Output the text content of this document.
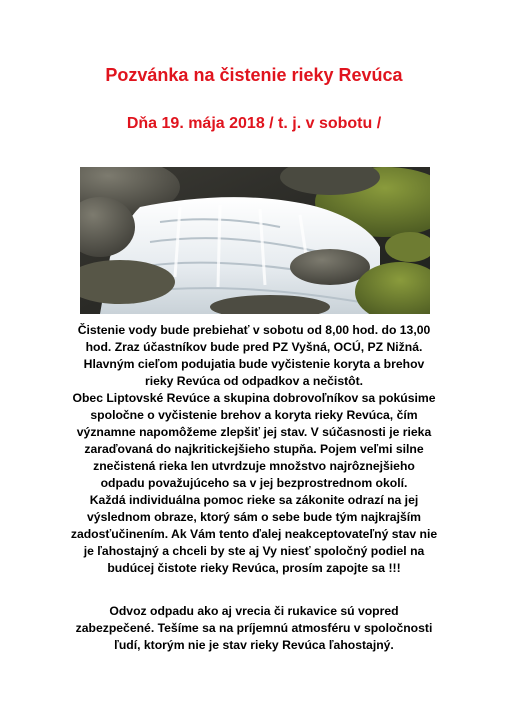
Pozvánka na čistenie rieky Revúca
Dňa 19. mája 2018 / t. j. v sobotu /
Čistenie vody bude prebiehať v sobotu od 8,00 hod. do 13,00
hod. Zraz účastníkov bude pred PZ Vyšná, OCÚ, PZ Nižná.
Hlavným cieľom podujatia bude vyčistenie koryta a brehov
rieky Revúca od odpadkov a nečistôt.
Obec Liptovské Revúce a skupina dobrovoľníkov sa pokúsime
spoločne o vyčistenie brehov a koryta rieky Revúca, čím
významne napomôžeme zlepšiť jej stav. V súčasnosti je rieka
zaraďovaná do najkritickejšieho stupňa. Pojem veľmi silne
znečistená rieka len utvrdzuje množstvo najrôznejšieho
odpadu považujúceho sa v jej bezprostrednom okolí.
Každá individuálna pomoc rieke sa zákonite odrazí na jej
výslednom obraze, ktorý sám o sebe bude tým najkrajším
zadosťučinením. Ak Vám tento ďalej neakceptovateľný stav nie
je ľahostajný a chceli by ste aj Vy niesť spoločný podiel na
budúcej čistote rieky Revúca, prosím zapojte sa !!!
Odvoz odpadu ako aj vrecia či rukavice sú vopred
zabezpečené. Tešíme sa na príjemnú atmosféru v spoločnosti
ľudí, ktorým nie je stav rieky Revúca ľahostajný.
